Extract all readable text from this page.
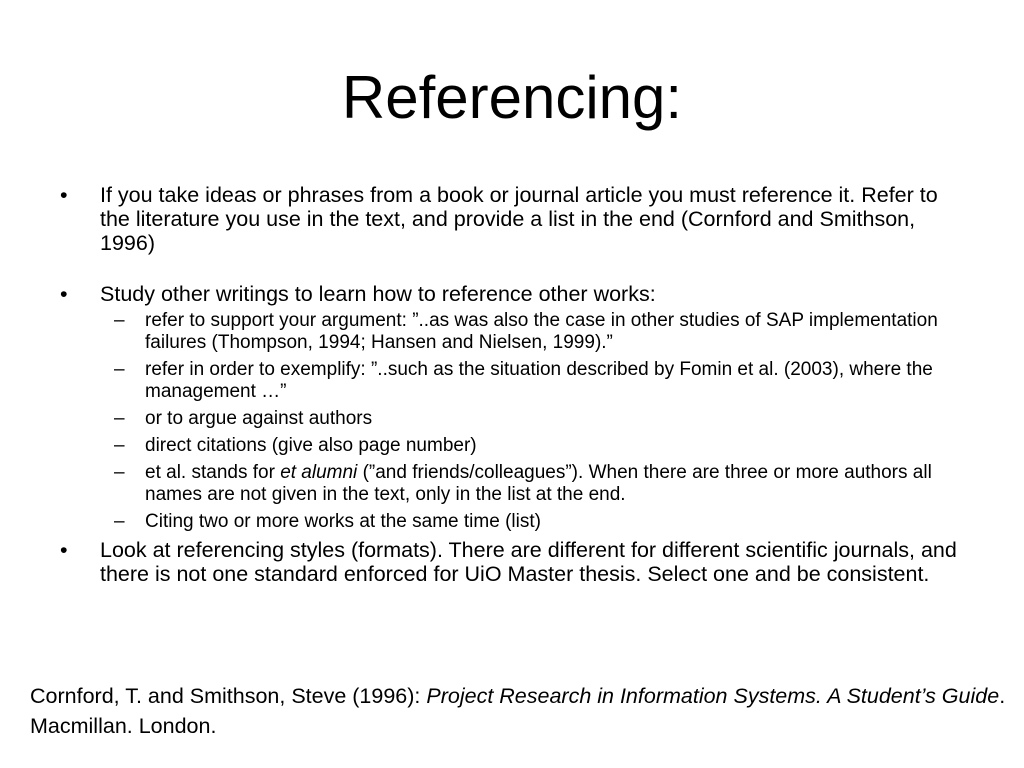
Referencing:
•	If you take ideas or phrases from a book or journal article you must reference it. Refer to the literature you use in the text, and provide a list in the end (Cornford and Smithson, 1996)
•	Study other writings to learn how to reference other works:
–	refer to support your argument: ”..as was also the case in other studies of SAP implementation failures (Thompson, 1994; Hansen and Nielsen, 1999).”
–	refer in order to exemplify: ”..such as the situation described by Fomin et al. (2003), where the management …”
–	or to argue against authors
–	direct citations (give also page number)
–	et al. stands for et alumni (”and friends/colleagues”). When there are three or more authors all names are not given in the text, only in the list at the end.
–	Citing two or more works at the same time (list)
•	Look at referencing styles (formats). There are different for different scientific journals, and there is not one standard enforced for UiO Master thesis. Select one and be consistent.
Cornford, T. and Smithson, Steve (1996): Project Research in Information Systems. A Student’s Guide. Macmillan. London.
